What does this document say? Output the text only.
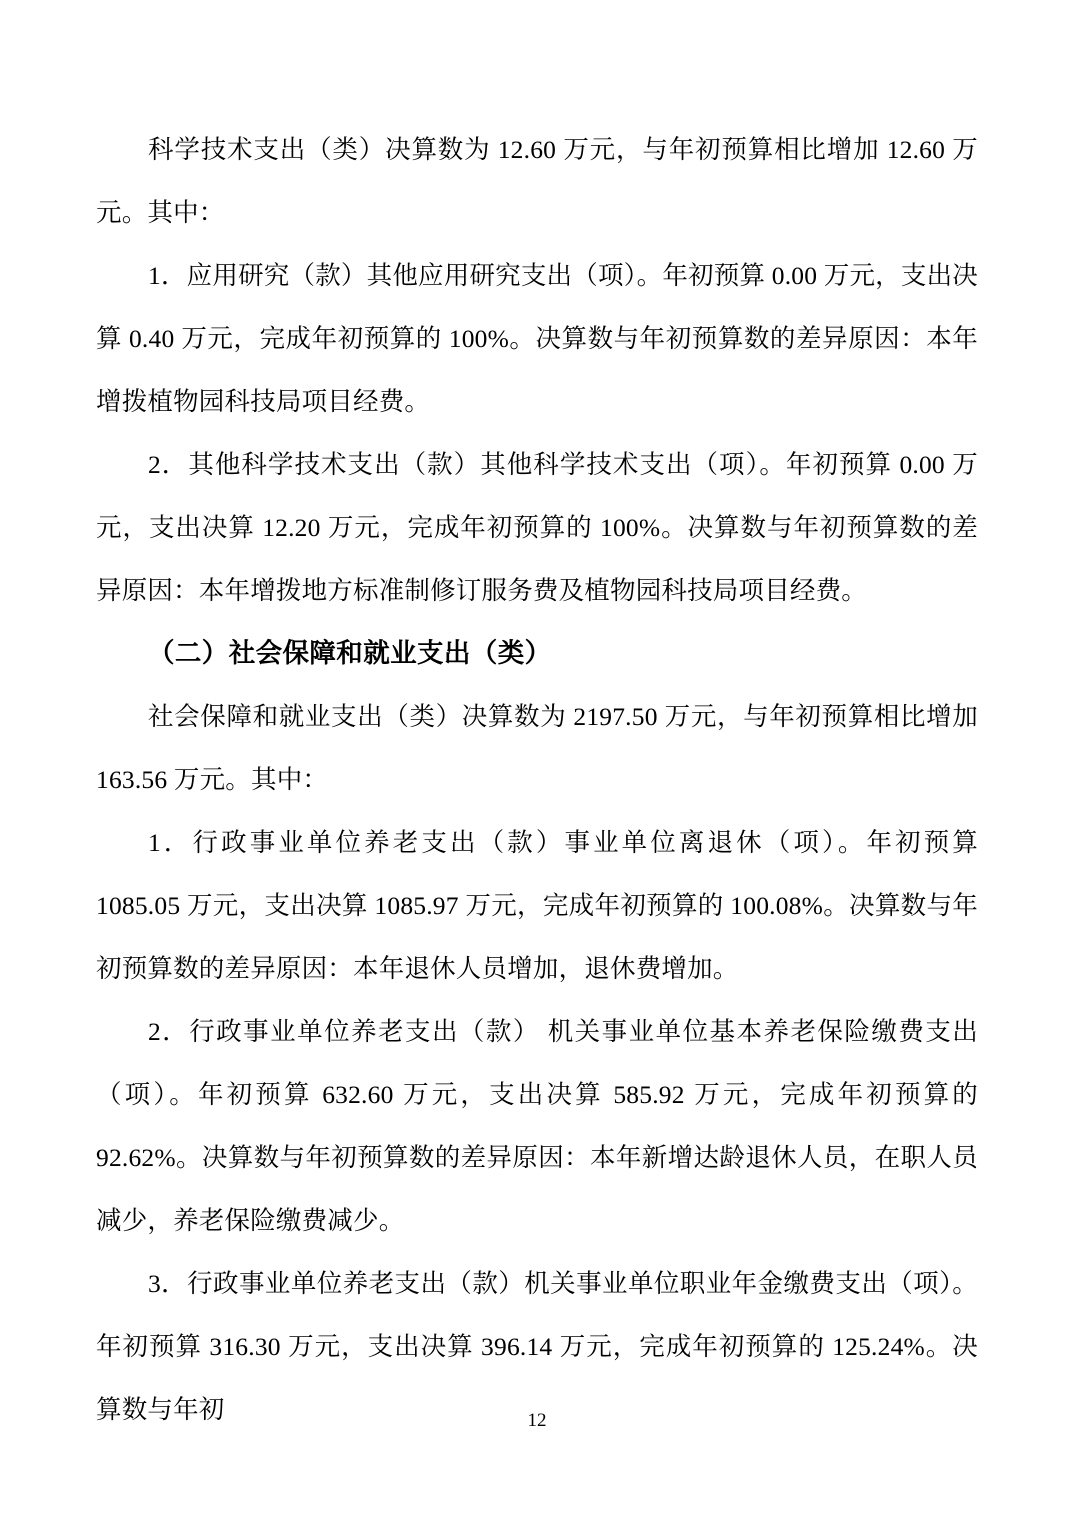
科学技术支出（类）决算数为 12.60 万元，与年初预算相比增加 12.60 万元。其中：

1．应用研究（款）其他应用研究支出（项）。年初预算 0.00 万元，支出决算 0.40 万元，完成年初预算的 100%。决算数与年初预算数的差异原因：本年增拨植物园科技局项目经费。

2．其他科学技术支出（款）其他科学技术支出（项）。年初预算 0.00 万元，支出决算 12.20 万元，完成年初预算的 100%。决算数与年初预算数的差异原因：本年增拨地方标准制修订服务费及植物园科技局项目经费。

（二）社会保障和就业支出（类）

社会保障和就业支出（类）决算数为 2197.50 万元，与年初预算相比增加 163.56 万元。其中：

1．行政事业单位养老支出（款）事业单位离退休（项）。年初预算 1085.05 万元，支出决算 1085.97 万元，完成年初预算的 100.08%。决算数与年初预算数的差异原因：本年退休人员增加，退休费增加。

2．行政事业单位养老支出（款） 机关事业单位基本养老保险缴费支出 （项）。年初预算 632.60 万元，支出决算 585.92 万元，完成年初预算的 92.62%。决算数与年初预算数的差异原因：本年新增达龄退休人员，在职人员减少，养老保险缴费减少。

3．行政事业单位养老支出（款）机关事业单位职业年金缴费支出（项）。年初预算 316.30 万元，支出决算 396.14 万元，完成年初预算的 125.24%。决算数与年初	12
